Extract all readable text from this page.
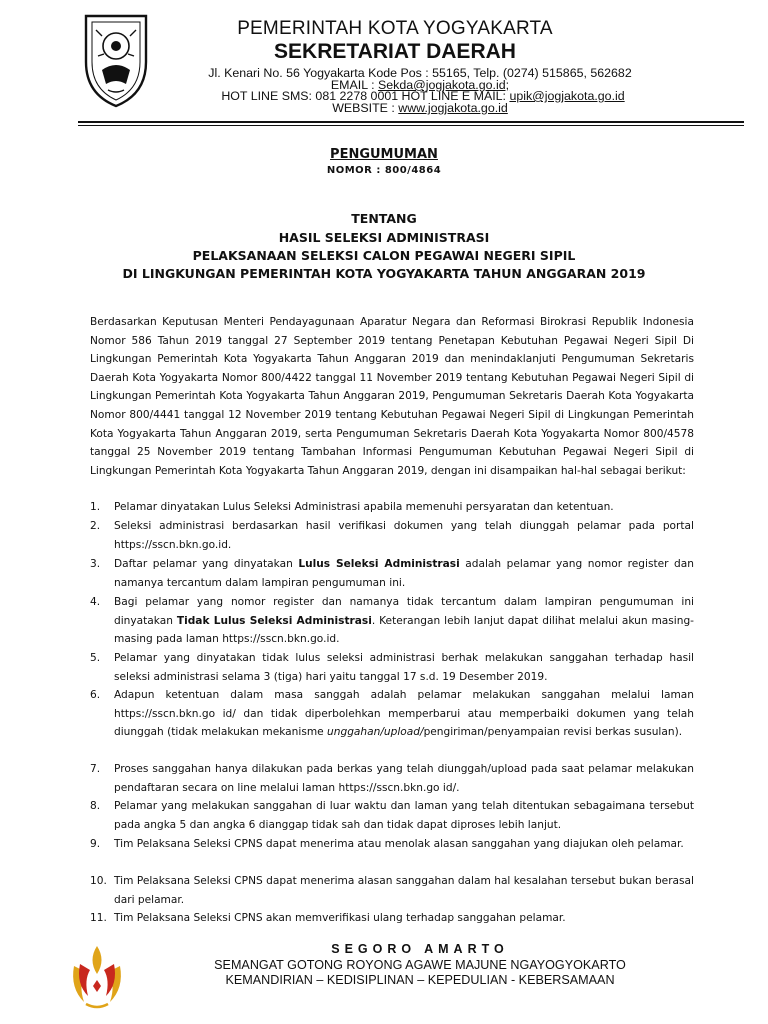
PEMERINTAH KOTA YOGYAKARTA
SEKRETARIAT DAERAH
Jl. Kenari No. 56 Yogyakarta Kode Pos : 55165, Telp. (0274) 515865, 562682
EMAIL : Sekda@jogjakota.go.id;
HOT LINE SMS: 081 2278 0001 HOT LINE E MAIL: upik@jogjakota.go.id
WEBSITE : www.jogjakota.go.id
PENGUMUMAN
NOMOR : 800/4864
TENTANG
HASIL SELEKSI ADMINISTRASI
PELAKSANAAN SELEKSI CALON PEGAWAI NEGERI SIPIL
DI LINGKUNGAN PEMERINTAH KOTA YOGYAKARTA TAHUN ANGGARAN 2019
Berdasarkan Keputusan Menteri Pendayagunaan Aparatur Negara dan Reformasi Birokrasi Republik Indonesia Nomor 586 Tahun 2019 tanggal 27 September 2019 tentang Penetapan Kebutuhan Pegawai Negeri Sipil Di Lingkungan Pemerintah Kota Yogyakarta Tahun Anggaran 2019 dan menindaklanjuti Pengumuman Sekretaris Daerah Kota Yogyakarta Nomor 800/4422 tanggal 11 November 2019 tentang Kebutuhan Pegawai Negeri Sipil di Lingkungan Pemerintah Kota Yogyakarta Tahun Anggaran 2019, Pengumuman Sekretaris Daerah Kota Yogyakarta Nomor 800/4441 tanggal 12 November 2019 tentang Kebutuhan Pegawai Negeri Sipil di Lingkungan Pemerintah Kota Yogyakarta Tahun Anggaran 2019, serta Pengumuman Sekretaris Daerah Kota Yogyakarta Nomor 800/4578 tanggal 25 November 2019 tentang Tambahan Informasi Pengumuman Kebutuhan Pegawai Negeri Sipil di Lingkungan Pemerintah Kota Yogyakarta Tahun Anggaran 2019, dengan ini disampaikan hal-hal sebagai berikut:
1.	Pelamar dinyatakan Lulus Seleksi Administrasi apabila memenuhi persyaratan dan ketentuan.
2.	Seleksi administrasi berdasarkan hasil verifikasi dokumen yang telah diunggah pelamar pada portal https://sscn.bkn.go.id.
3.	Daftar pelamar yang dinyatakan Lulus Seleksi Administrasi adalah pelamar yang nomor register dan namanya tercantum dalam lampiran pengumuman ini.
4.	Bagi pelamar yang nomor register dan namanya tidak tercantum dalam lampiran pengumuman ini dinyatakan Tidak Lulus Seleksi Administrasi. Keterangan lebih lanjut dapat dilihat melalui akun masing-masing pada laman https://sscn.bkn.go.id.
5.	Pelamar yang dinyatakan tidak lulus seleksi administrasi berhak melakukan sanggahan terhadap hasil seleksi administrasi selama 3 (tiga) hari yaitu tanggal 17 s.d. 19 Desember 2019.
6.	Adapun ketentuan dalam masa sanggah adalah pelamar melakukan sanggahan melalui laman https://sscn.bkn.go id/ dan tidak diperbolehkan memperbarui atau memperbaiki dokumen yang telah diunggah (tidak melakukan mekanisme unggahan/upload/pengiriman/penyampaian revisi berkas susulan).
7.	Proses sanggahan hanya dilakukan pada berkas yang telah diunggah/upload pada saat pelamar melakukan pendaftaran secara on line melalui laman https://sscn.bkn.go id/.
8.	Pelamar yang melakukan sanggahan di luar waktu dan laman yang telah ditentukan sebagaimana tersebut pada angka 5 dan angka 6 dianggap tidak sah dan tidak dapat diproses lebih lanjut.
9.	Tim Pelaksana Seleksi CPNS dapat menerima atau menolak alasan sanggahan yang diajukan oleh pelamar.
10. Tim Pelaksana Seleksi CPNS dapat menerima alasan sanggahan dalam hal kesalahan tersebut bukan berasal dari pelamar.
11. Tim Pelaksana Seleksi CPNS akan memverifikasi ulang terhadap sanggahan pelamar.
SEGORO AMARTO
SEMANGAT GOTONG ROYONG AGAWE MAJUNE NGAYOGYOKARTO
KEMANDIRIAN – KEDISIPLINAN – KEPEDULIAN - KEBERSAMAAN
